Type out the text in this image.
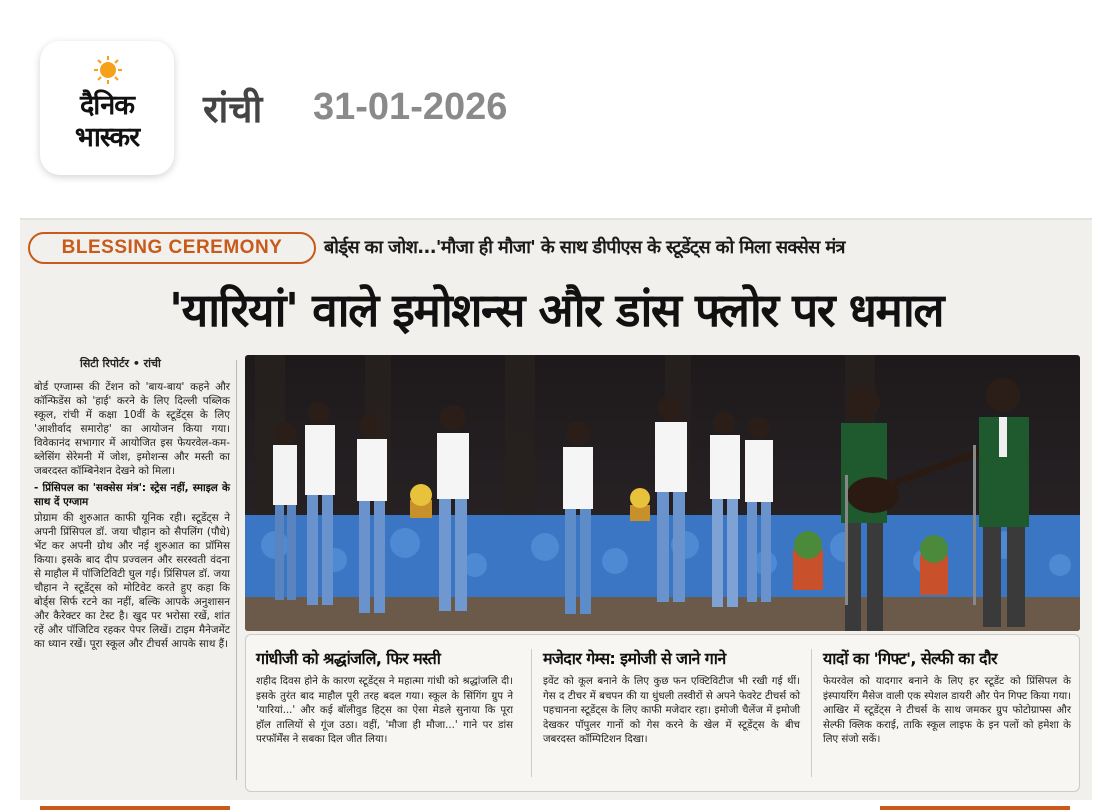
दैनिक
भास्कर
रांची 31-01-2026
BLESSING CEREMONY	बोर्ड्स का जोश...'मौजा ही मौजा' के साथ डीपीएस के स्टूडेंट्स को मिला सक्सेस मंत्र
'यारियां' वाले इमोशन्स और डांस फ्लोर पर धमाल
सिटी रिपोर्टर • रांची

बोर्ड एग्जाम्स की टेंशन को 'बाय-बाय' कहने और कॉन्फिडेंस को 'हाई' करने के लिए दिल्ली पब्लिक स्कूल, रांची में कक्षा 10वीं के स्टूडेंट्स के लिए 'आशीर्वाद समारोह' का आयोजन किया गया। विवेकानंद सभागार में आयोजित इस फेयरवेल-कम-ब्लेसिंग सेरेमनी में जोश, इमोशन्स और मस्ती का जबरदस्त कॉम्बिनेशन देखने को मिला।

- प्रिंसिपल का 'सक्सेस मंत्र': स्ट्रेस नहीं, स्माइल के साथ दें एग्जाम

प्रोग्राम की शुरुआत काफी यूनिक रही। स्टूडेंट्स ने अपनी प्रिंसिपल डॉ. जया चौहान को सैपलिंग (पौधे) भेंट कर अपनी ग्रोथ और नई शुरुआत का प्रॉमिस किया। इसके बाद दीप प्रज्वलन और सरस्वती वंदना से माहौल में पॉजिटिविटी घुल गई। प्रिंसिपल डॉ. जया चौहान ने स्टूडेंट्स को मोटिवेट करते हुए कहा कि बोर्ड्स सिर्फ रटने का नहीं, बल्कि आपके अनुशासन और कैरेक्टर का टेस्ट है। खुद पर भरोसा रखें, शांत रहें और पॉजिटिव रहकर पेपर लिखें। टाइम मैनेजमेंट का ध्यान रखें। पूरा स्कूल और टीचर्स आपके साथ हैं।

गांधीजी को श्रद्धांजलि, फिर मस्ती
शहीद दिवस होने के कारण स्टूडेंट्स ने महात्मा गांधी को श्रद्धांजलि दी। इसके तुरंत बाद माहौल पूरी तरह बदल गया। स्कूल के सिंगिंग ग्रुप ने 'यारियां...' और कई बॉलीवुड हिट्स का ऐसा मेडले सुनाया कि पूरा हॉल तालियों से गूंज उठा। वहीं, 'मौजा ही मौजा...' गाने पर डांस परफॉर्मेंस ने सबका दिल जीत लिया।
मजेदार गेम्स: इमोजी से जाने गाने
इवेंट को कूल बनाने के लिए कुछ फन एक्टिविटीज भी रखी गई थीं। गेस द टीचर में बचपन की या धुंधली तस्वीरों से अपने फेवरेट टीचर्स को पहचानना स्टूडेंट्स के लिए काफी मजेदार रहा। इमोजी चैलेंज में इमोजी देखकर पॉपुलर गानों को गेस करने के खेल में स्टूडेंट्स के बीच जबरदस्त कॉम्पिटिशन दिखा।
यादों का 'गिफ्ट', सेल्फी का दौर
फेयरवेल को यादगार बनाने के लिए हर स्टूडेंट को प्रिंसिपल के इंस्पायरिंग मैसेज वाली एक स्पेशल डायरी और पेन गिफ्ट किया गया। आखिर में स्टूडेंट्स ने टीचर्स के साथ जमकर ग्रुप फोटोग्राफ्स और सेल्फी क्लिक कराई, ताकि स्कूल लाइफ के इन पलों को हमेशा के लिए संजो सकें।
